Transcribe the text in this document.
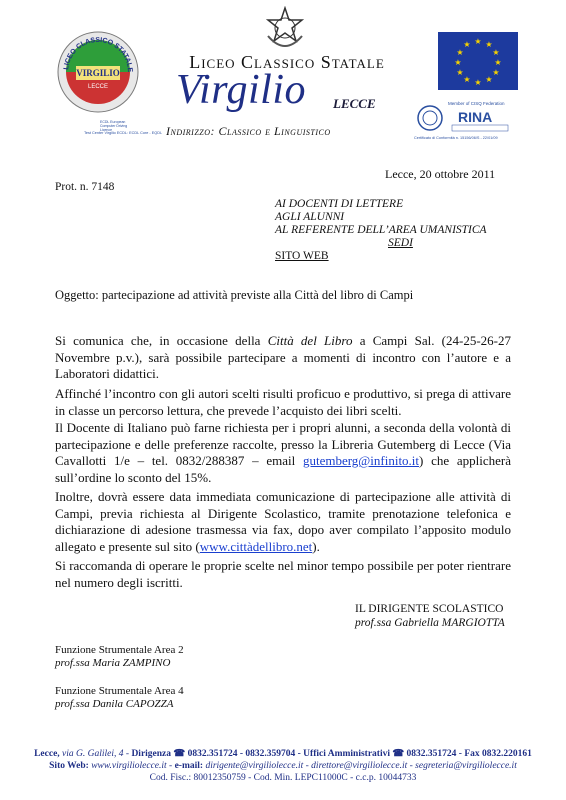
VIRGILIO
LECCE
LICEO CLASSICO STATALE
ECDL European Computer Driving Licence
Test Center Virgilio ECDL: ECDL Core - EQDL
Liceo Classico Statale
Virgilio LECCE
Indirizzo: Classico e Linguistico
★ ★
★
★
★
★
★
★
★
★
★
★
Member of CISQ Federation
RINA
Certificato di Conformità n. 15156/06/S - 22/01/09
Lecce, 20 ottobre 2011
Prot. n. 7148
AI DOCENTI DI LETTERE
AGLI ALUNNI
AL REFERENTE DELL’AREA UMANISTICA
SEDI
SITO WEB
Oggetto: partecipazione ad attività previste alla Città del libro di Campi
Si comunica che, in occasione della Città del Libro a Campi Sal. (24-25-26-27 Novembre p.v.), sarà possibile partecipare a momenti di incontro con l’autore e a Laboratori didattici.
Affinché l’incontro con gli autori scelti risulti proficuo e produttivo, si prega di attivare in classe un percorso lettura, che prevede l’acquisto dei libri scelti.
Il Docente di Italiano può farne richiesta per i propri alunni, a seconda della volontà di partecipazione e delle preferenze raccolte, presso la Libreria Gutemberg di Lecce (Via Cavallotti 1/e – tel. 0832/288387 – email gutemberg@infinito.it) che applicherà sull’ordine lo sconto del 15%.
Inoltre, dovrà essere data immediata comunicazione di partecipazione alle attività di Campi, previa richiesta al Dirigente Scolastico, tramite prenotazione telefonica e dichiarazione di adesione trasmessa via fax, dopo aver compilato l’apposito modulo allegato e presente sul sito (www.cittàdellibro.net).
Si raccomanda di operare le proprie scelte nel minor tempo possibile per poter rientrare nel numero degli iscritti.
IL DIRIGENTE SCOLASTICO
prof.ssa Gabriella MARGIOTTA
Funzione Strumentale Area 2
prof.ssa Maria ZAMPINO
Funzione Strumentale Area 4
prof.ssa Danila CAPOZZA
Lecce, via G. Galilei, 4 - Dirigenza ☎ 0832.351724 - 0832.359704 - Uffici Amministrativi ☎ 0832.351724 - Fax 0832.220161
Sito Web: www.virgiliolecce.it - e-mail: dirigente@virgiliolecce.it - direttore@virgiliolecce.it - segreteria@virgiliolecce.it
Cod. Fisc.: 80012350759 - Cod. Min. LEPC11000C - c.c.p. 10044733
